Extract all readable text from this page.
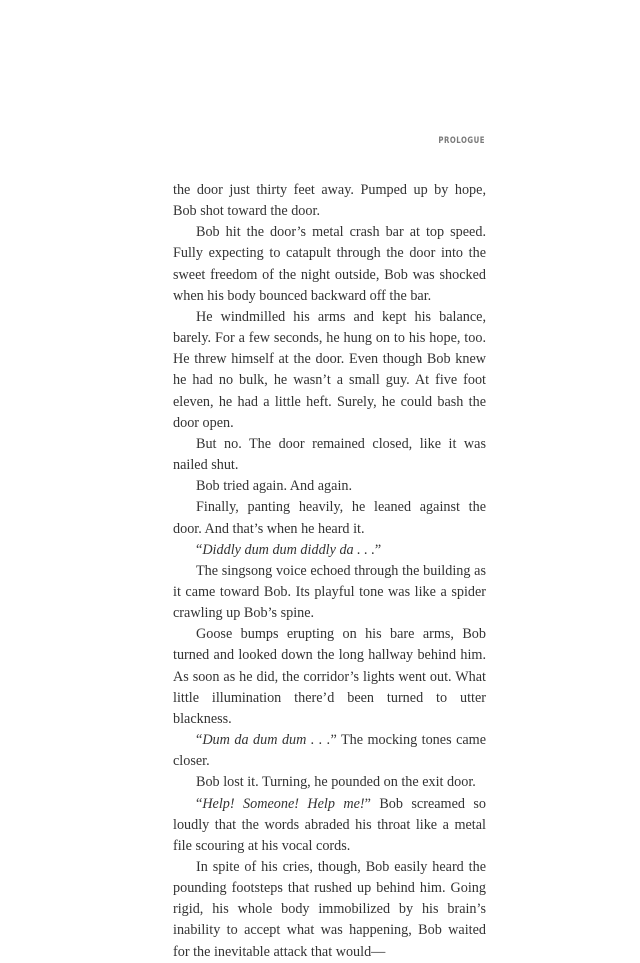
PROLOGUE

the door just thirty feet away. Pumped up by hope, Bob shot toward the door.

Bob hit the door’s metal crash bar at top speed. Fully expecting to catapult through the door into the sweet freedom of the night outside, Bob was shocked when his body bounced backward off the bar.

He windmilled his arms and kept his balance, barely. For a few seconds, he hung on to his hope, too. He threw himself at the door. Even though Bob knew he had no bulk, he wasn’t a small guy. At five foot eleven, he had a little heft. Surely, he could bash the door open.

But no. The door remained closed, like it was nailed shut.

Bob tried again. And again.

Finally, panting heavily, he leaned against the door. And that’s when he heard it.

“Diddly dum dum diddly da . . .”

The singsong voice echoed through the building as it came toward Bob. Its playful tone was like a spider crawling up Bob’s spine.

Goose bumps erupting on his bare arms, Bob turned and looked down the long hallway behind him. As soon as he did, the corridor’s lights went out. What little illumination there’d been turned to utter blackness.

“Dum da dum dum . . .” The mocking tones came closer.

Bob lost it. Turning, he pounded on the exit door.

“Help! Someone! Help me!” Bob screamed so loudly that the words abraded his throat like a metal file scouring at his vocal cords.

In spite of his cries, though, Bob easily heard the pounding footsteps that rushed up behind him. Going rigid, his whole body immobilized by his brain’s inability to accept what was happening, Bob waited for the inevitable attack that would—
